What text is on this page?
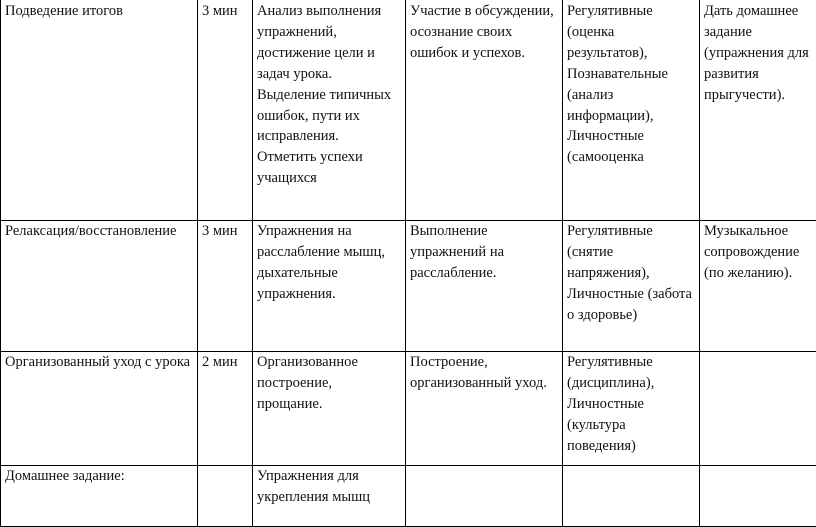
Подведение итогов	3 мин	Анализ выполнения упражнений, достижение цели и задач урока. Выделение типичных ошибок, пути их исправления. Отметить успехи учащихся	Участие в обсуждении, осознание своих ошибок и успехов.	Регулятивные (оценка результатов), Познавательные (анализ информации), Личностные (самооценка	Дать домашнее задание (упражнения для развития прыгучести).

Релаксация/восстановление	3 мин	Упражнения на расслабление мышц, дыхательные упражнения.	Выполнение упражнений на расслабление.	Регулятивные (снятие напряжения), Личностные (забота о здоровье)	Музыкальное сопровождение (по желанию).

Организованный уход с урока	2 мин	Организованное построение, прощание.	Построение, организованный уход.	Регулятивные (дисциплина), Личностные (культура поведения)	

Домашнее задание:		Упражнения для укрепления мышц			
